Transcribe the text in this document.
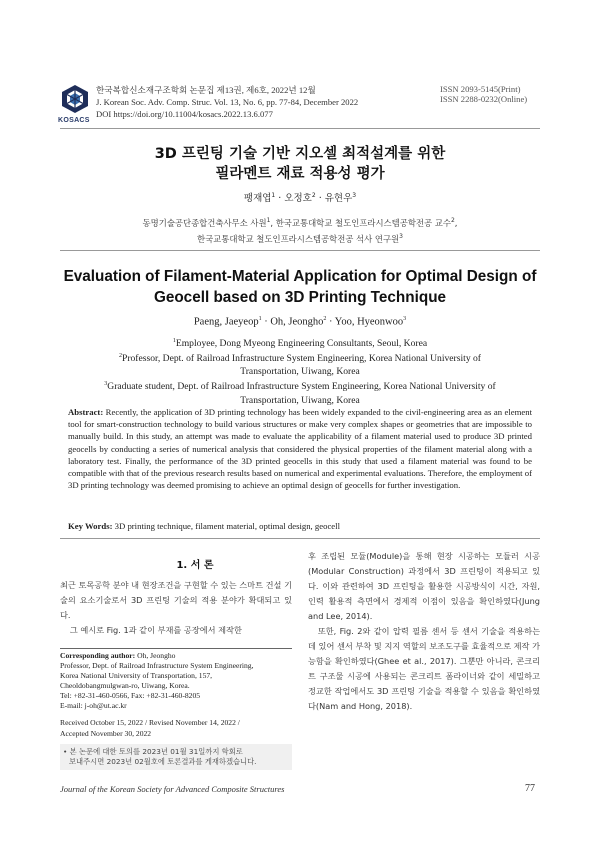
KOSACS
한국복합신소재구조학회 논문집 제13권, 제6호, 2022년 12월
J. Korean Soc. Adv. Comp. Struc. Vol. 13, No. 6, pp. 77-84, December 2022
DOI https://doi.org/10.11004/kosacs.2022.13.6.077
ISSN 2093-5145(Print)
ISSN 2288-0232(Online)
3D 프린팅 기술 기반 지오셀 최적설계를 위한
필라멘트 재료 적용성 평가
팽재엽$^1$ · 오정호$^2$ · 유현우$^3$
동명기술공단종합건축사무소 사원$^1$, 한국교통대학교 철도인프라시스템공학전공 교수$^2$,
한국교통대학교 철도인프라시스템공학전공 석사 연구원$^3$
Evaluation of Filament-Material Application for Optimal Design of
Geocell based on 3D Printing Technique
Paeng, Jaeyeop$^1$ · Oh, Jeongho$^2$ · Yoo, Hyeonwoo$^3$
$^1$Employee, Dong Myeong Engineering Consultants, Seoul, Korea
$^2$Professor, Dept. of Railroad Infrastructure System Engineering, Korea National University of Transportation, Uiwang, Korea
$^3$Graduate student, Dept. of Railroad Infrastructure System Engineering, Korea National University of Transportation, Uiwang, Korea
Abstract: Recently, the application of 3D printing technology has been widely expanded to the civil-engineering area as an element tool for smart-construction technology to build various structures or make very complex shapes or geometries that are impossible to manually build. In this study, an attempt was made to evaluate the applicability of a filament material used to produce 3D printed geocells by conducting a series of numerical analysis that considered the physical properties of the filament material along with a laboratory test. Finally, the performance of the 3D printed geocells in this study that used a filament material was found to be compatible with that of the previous research results based on numerical and experimental evaluations. Therefore, the employment of 3D printing technology was deemed promising to achieve an optimal design of geocells for further investigation.
Key Words: 3D printing technique, filament material, optimal design, geocell
1. 서 론

최근 토목공학 분야 내 현장조건을 구현할 수 있는 스마트 건설 기술의 요소기술로서 3D 프린팅 기술의 적용 분야가 확대되고 있다.

그 예시로 Fig. 1과 같이 부재를 공장에서 제작한

후 조립된 모듈(Module)을 통해 현장 시공하는 모듈러 시공(Modular Construction) 과정에서 3D 프린팅이 적용되고 있다. 이와 관련하여 3D 프린팅을 활용한 시공방식이 시간, 자원, 인력 활용적 측면에서 경제적 이점이 있음을 확인하였다(Jung and Lee, 2014).

또한, Fig. 2와 같이 압력 필름 센서 등 센서 기술을 적용하는 데 있어 센서 부착 및 지지 역할의 보조도구를 효율적으로 제작 가능함을 확인하였다(Ghee et al., 2017). 그뿐만 아니라, 콘크리트 구조물 시공에 사용되는 콘크리트 폼라이너와 같이 세밀하고 정교한 작업에서도 3D 프린팅 기술을 적용할 수 있음을 확인하였다(Nam and Hong, 2018).

Corresponding author: Oh, Jeongho
Professor, Dept. of Railroad Infrastructure System Engineering,
Korea National University of Transportation, 157,
Cheoldobangmulgwan-ro, Uiwang, Korea.
Tel: +82-31-460-0566, Fax: +82-31-460-8205
E-mail: j-oh@ut.ac.kr
Received October 15, 2022 / Revised November 14, 2022 /
Accepted November 30, 2022
• 본 논문에 대한 토의를 2023년 01월 31일까지 학회로
보내주시면 2023년 02월호에 토론결과를 게재하겠습니다.
Journal of the Korean Society for Advanced Composite Structures	77
